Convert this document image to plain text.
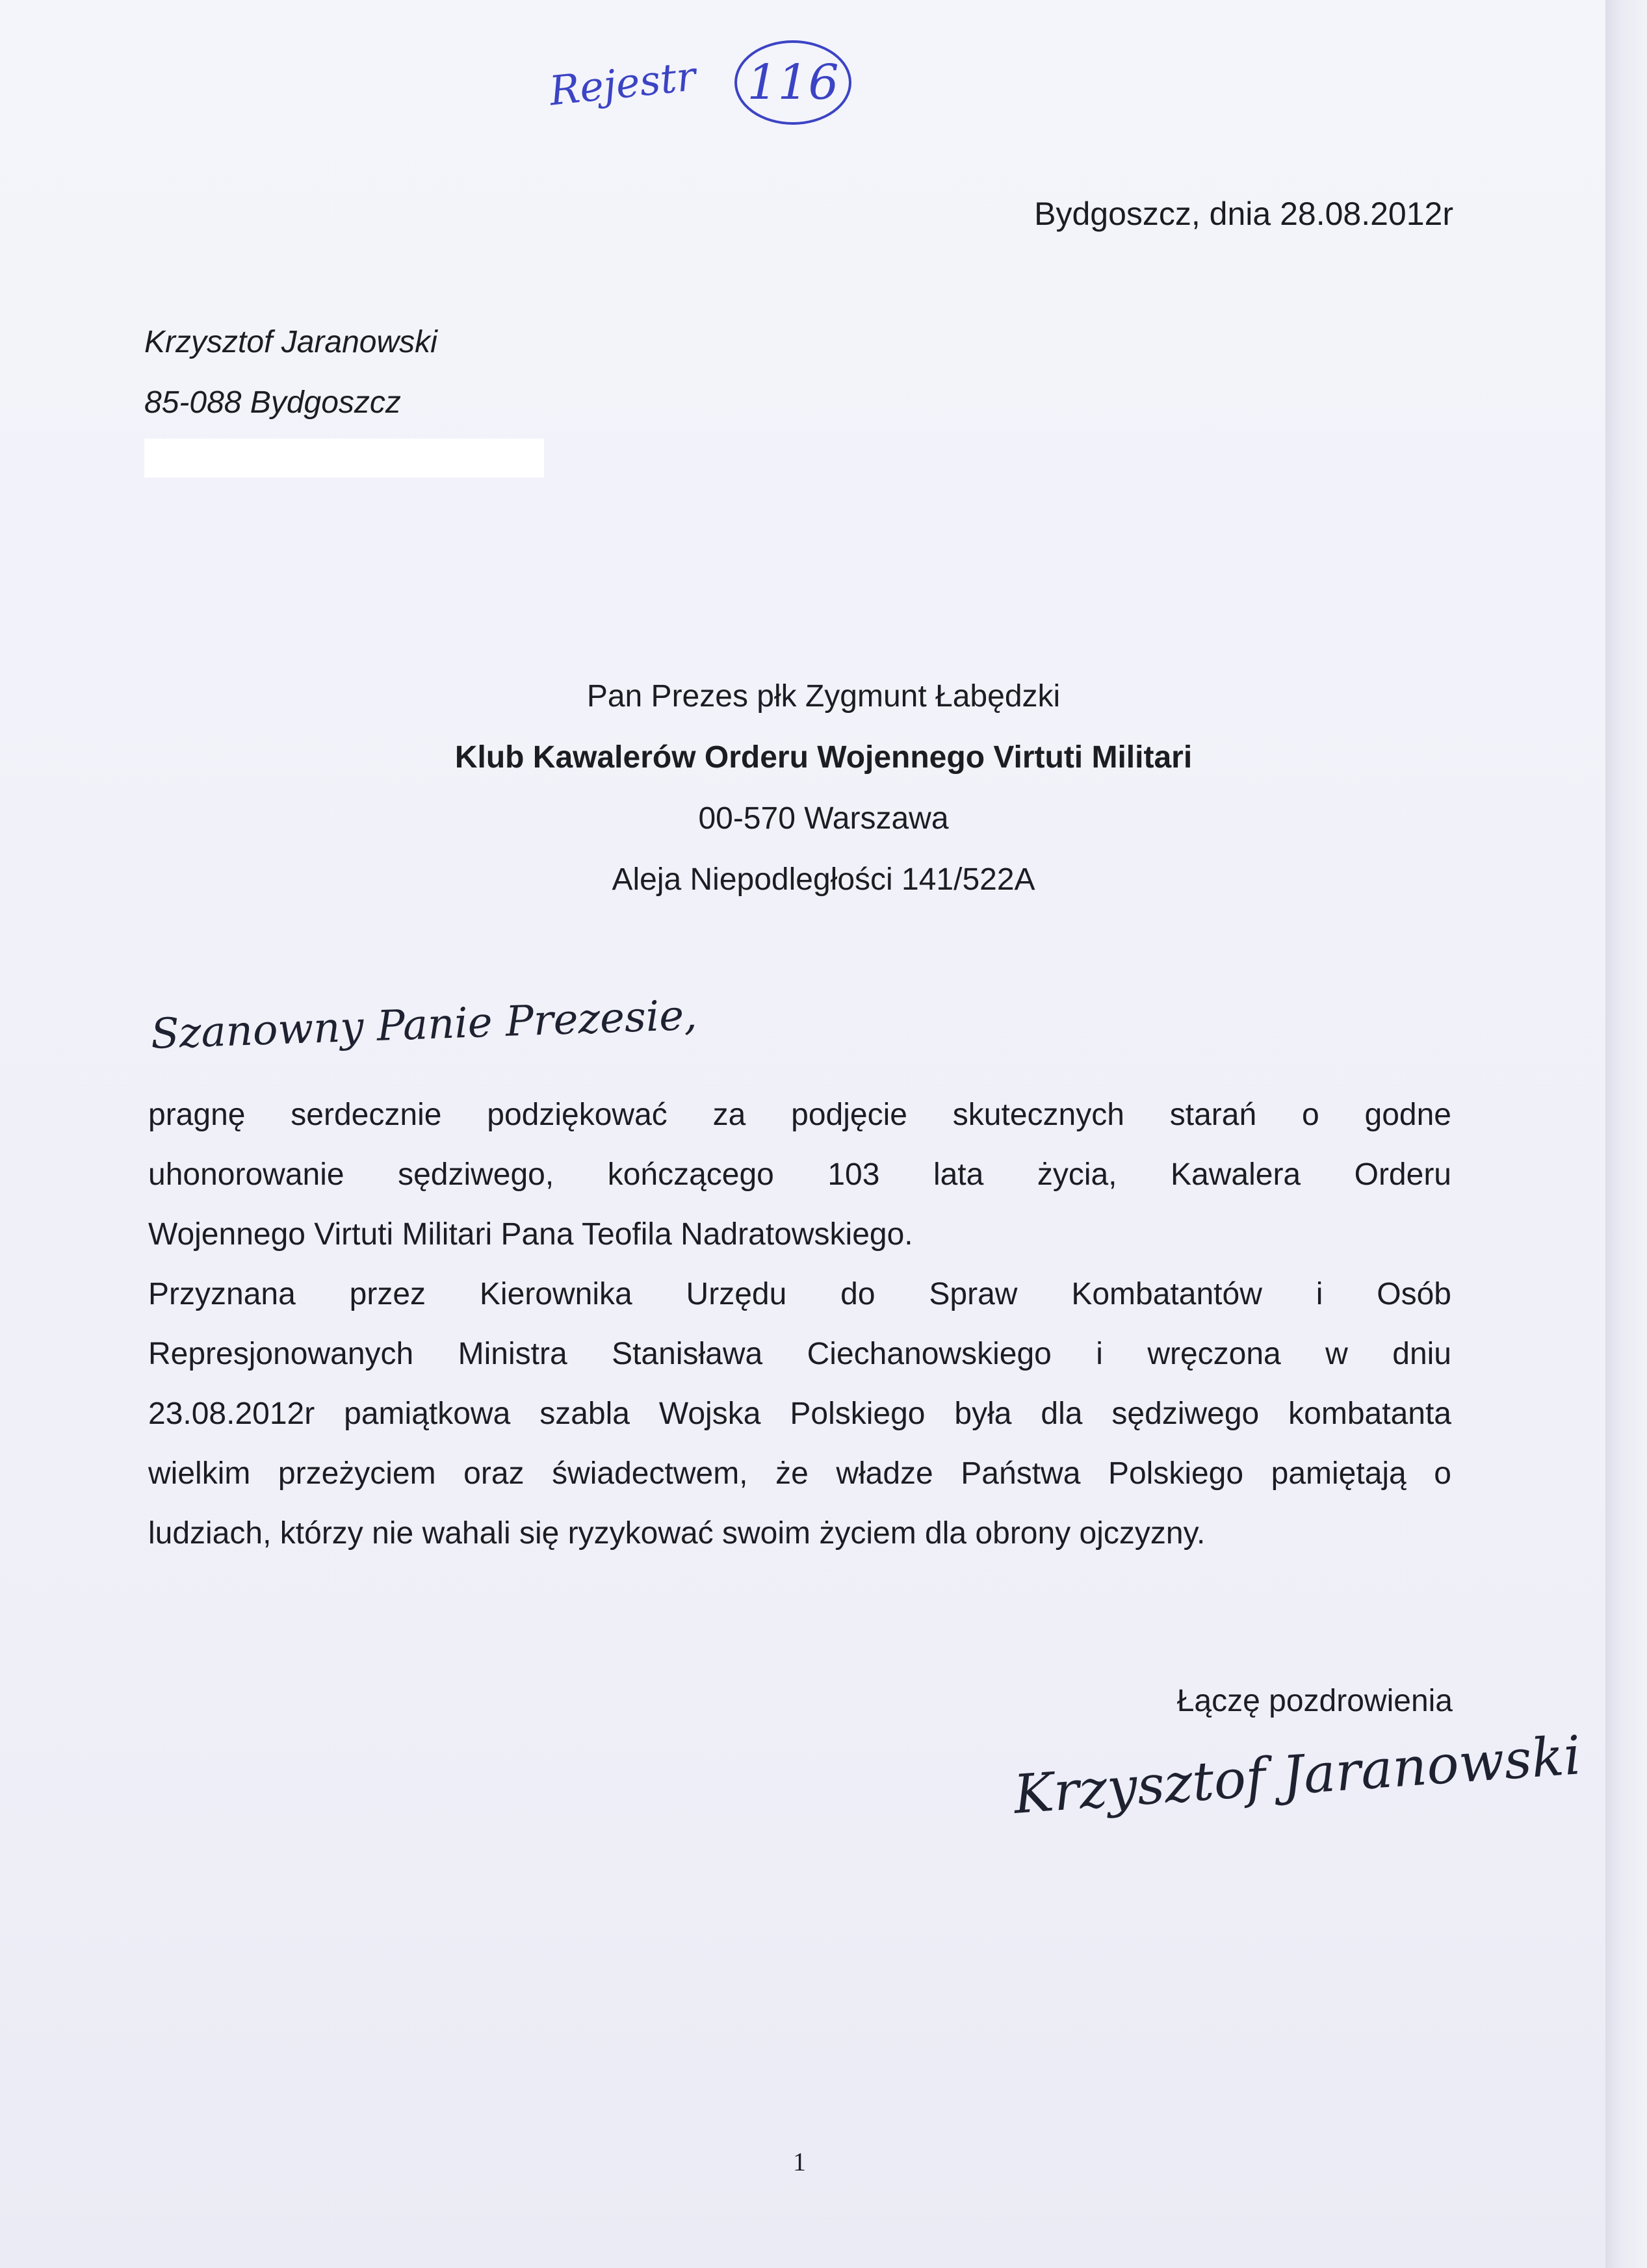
Rejestr 116
Bydgoszcz, dnia 28.08.2012r
Krzysztof Jaranowski
85-088 Bydgoszcz
Pan Prezes płk Zygmunt Łabędzki
Klub Kawalerów Orderu Wojennego Virtuti Militari
00-570 Warszawa
Aleja Niepodległości 141/522A
Szanowny Panie Prezesie,

pragnę serdecznie podziękować za podjęcie skutecznych starań o godne

uhonorowanie sędziwego, kończącego 103 lata życia, Kawalera Orderu

Wojennego Virtuti Militari Pana Teofila Nadratowskiego.

Przyznana przez Kierownika Urzędu do Spraw Kombatantów i Osób

Represjonowanych Ministra Stanisława Ciechanowskiego i wręczona w dniu

23.08.2012r pamiątkowa szabla Wojska Polskiego była dla sędziwego kombatanta

wielkim przeżyciem oraz świadectwem, że władze Państwa Polskiego pamiętają o

ludziach, którzy nie wahali się ryzykować swoim życiem dla obrony ojczyzny.

Łączę pozdrowienia
Krzysztof Jaranowski
1
